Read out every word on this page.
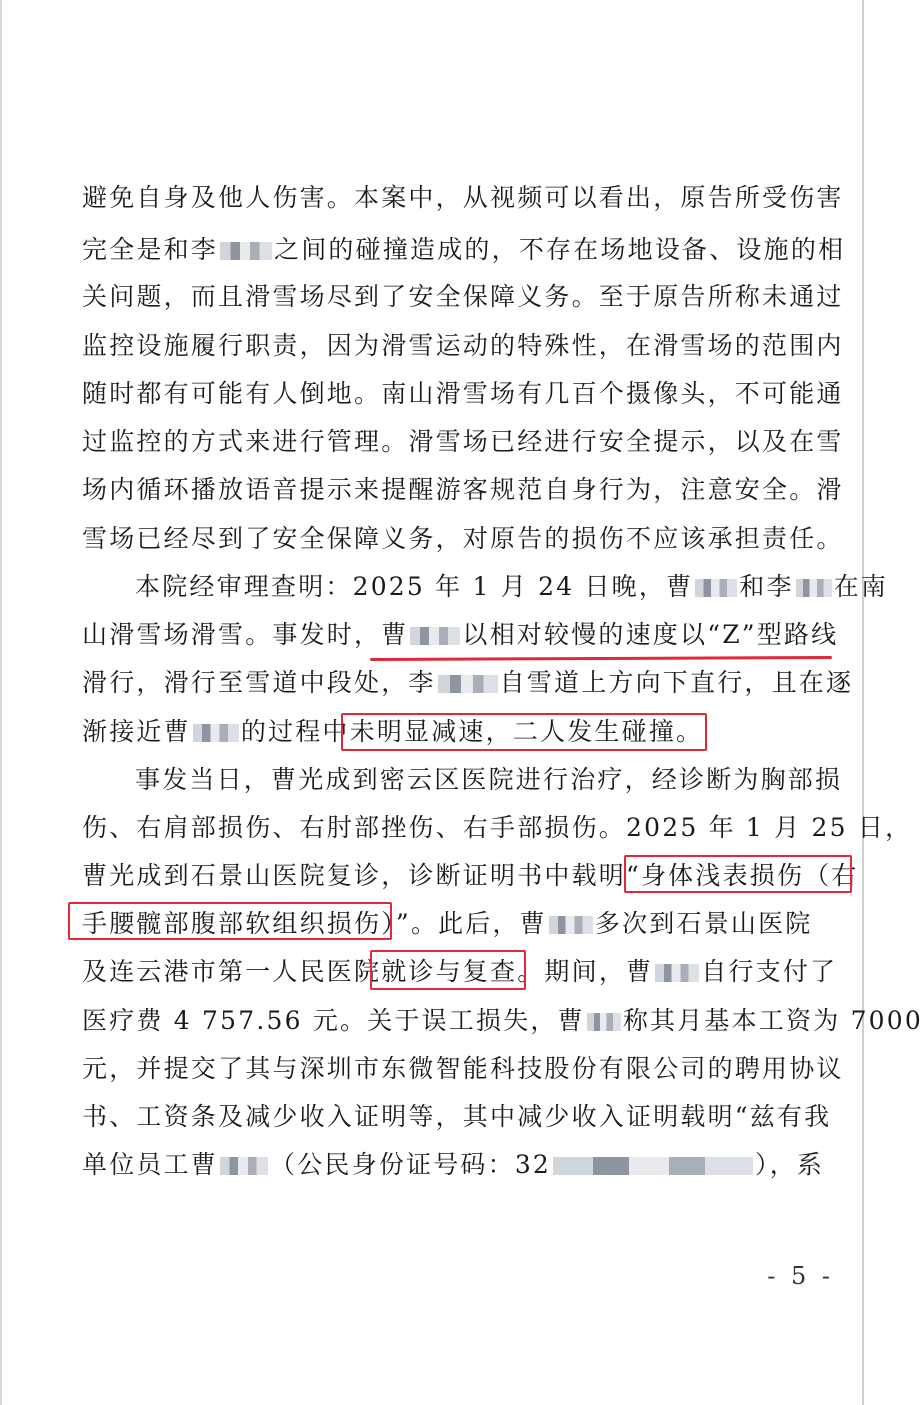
避免自身及他人伤害。本案中，从视频可以看出，原告所受伤害
完全是和李 之间的碰撞造成的，不存在场地设备、设施的相
关问题，而且滑雪场尽到了安全保障义务。至于原告所称未通过
监控设施履行职责，因为滑雪运动的特殊性，在滑雪场的范围内
随时都有可能有人倒地。南山滑雪场有几百个摄像头，不可能通
过监控的方式来进行管理。滑雪场已经进行安全提示，以及在雪
场内循环播放语音提示来提醒游客规范自身行为，注意安全。滑
雪场已经尽到了安全保障义务，对原告的损伤不应该承担责任。
本院经审理查明：2025 年 1 月 24 日晚，曹 和李 在南
山滑雪场滑雪。事发时，曹 以相对较慢的速度以“Z”型路线
滑行，滑行至雪道中段处，李	自雪道上方向下直行，且在逐
渐接近曹 的过程中未明显减速，二人发生碰撞。
事发当日，曹光成到密云区医院进行治疗，经诊断为胸部损
伤、右肩部损伤、右肘部挫伤、右手部损伤。2025 年 1 月 25 日，
曹光成到石景山医院复诊，诊断证明书中载明“身体浅表损伤（右
手腰髋部腹部软组织损伤）”。此后，曹 多次到石景山医院
及连云港市第一人民医院就诊与复查。期间，曹 自行支付了
医疗费 4 757.56 元。关于误工损失，曹 称其月基本工资为 7000
元，并提交了其与深圳市东微智能科技股份有限公司的聘用协议
书、工资条及减少收入证明等，其中减少收入证明载明“兹有我
单位员工曹 （公民身份证号码：32	），系
- 5 -
